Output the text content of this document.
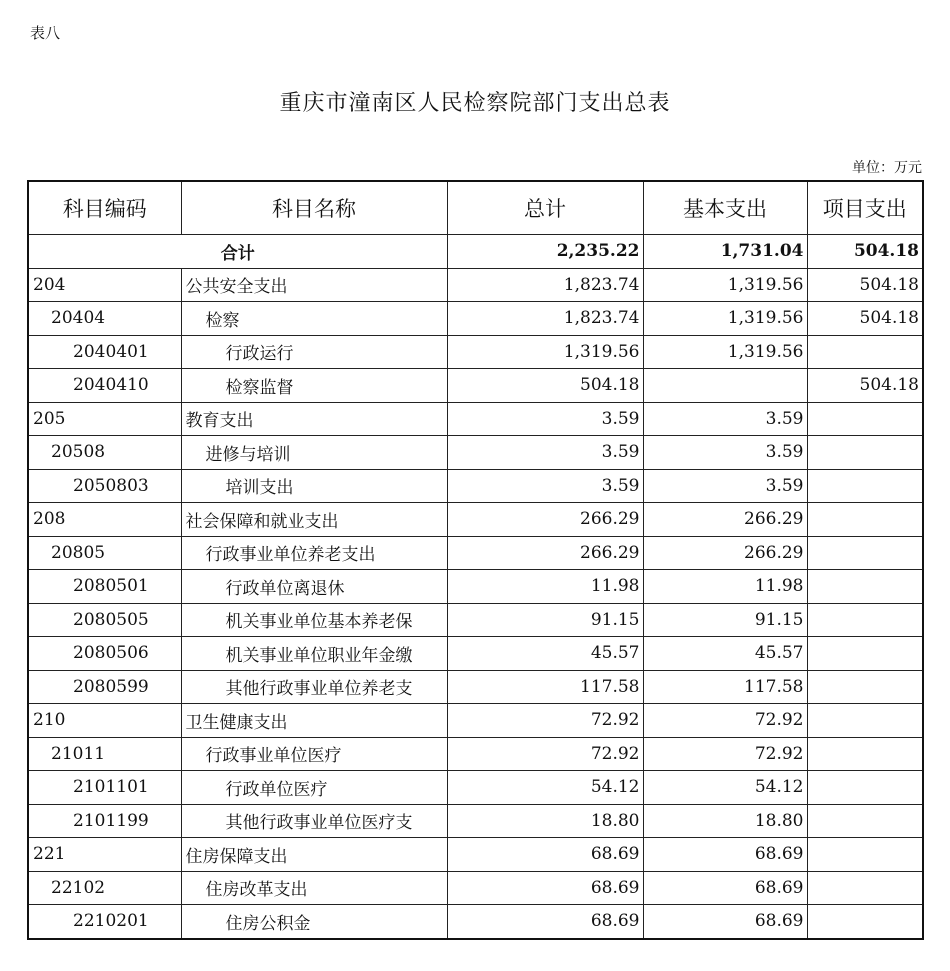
表八
重庆市潼南区人民检察院部门支出总表
单位：万元
科目编码	科目名称	总计	基本支出	项目支出
合计		2,235.22	1,731.04	504.18
204	公共安全支出	1,823.74	1,319.56	504.18
20404	检察	1,823.74	1,319.56	504.18
2040401	行政运行	1,319.56	1,319.56	
2040410	检察监督	504.18		504.18
205	教育支出	3.59	3.59	
20508	进修与培训	3.59	3.59	
2050803	培训支出	3.59	3.59	
208	社会保障和就业支出	266.29	266.29	
20805	行政事业单位养老支出	266.29	266.29	
2080501	行政单位离退休	11.98	11.98	
2080505	机关事业单位基本养老保	91.15	91.15	
2080506	机关事业单位职业年金缴	45.57	45.57	
2080599	其他行政事业单位养老支	117.58	117.58	
210	卫生健康支出	72.92	72.92	
21011	行政事业单位医疗	72.92	72.92	
2101101	行政单位医疗	54.12	54.12	
2101199	其他行政事业单位医疗支	18.80	18.80	
221	住房保障支出	68.69	68.69	
22102	住房改革支出	68.69	68.69	
2210201	住房公积金	68.69	68.69	
